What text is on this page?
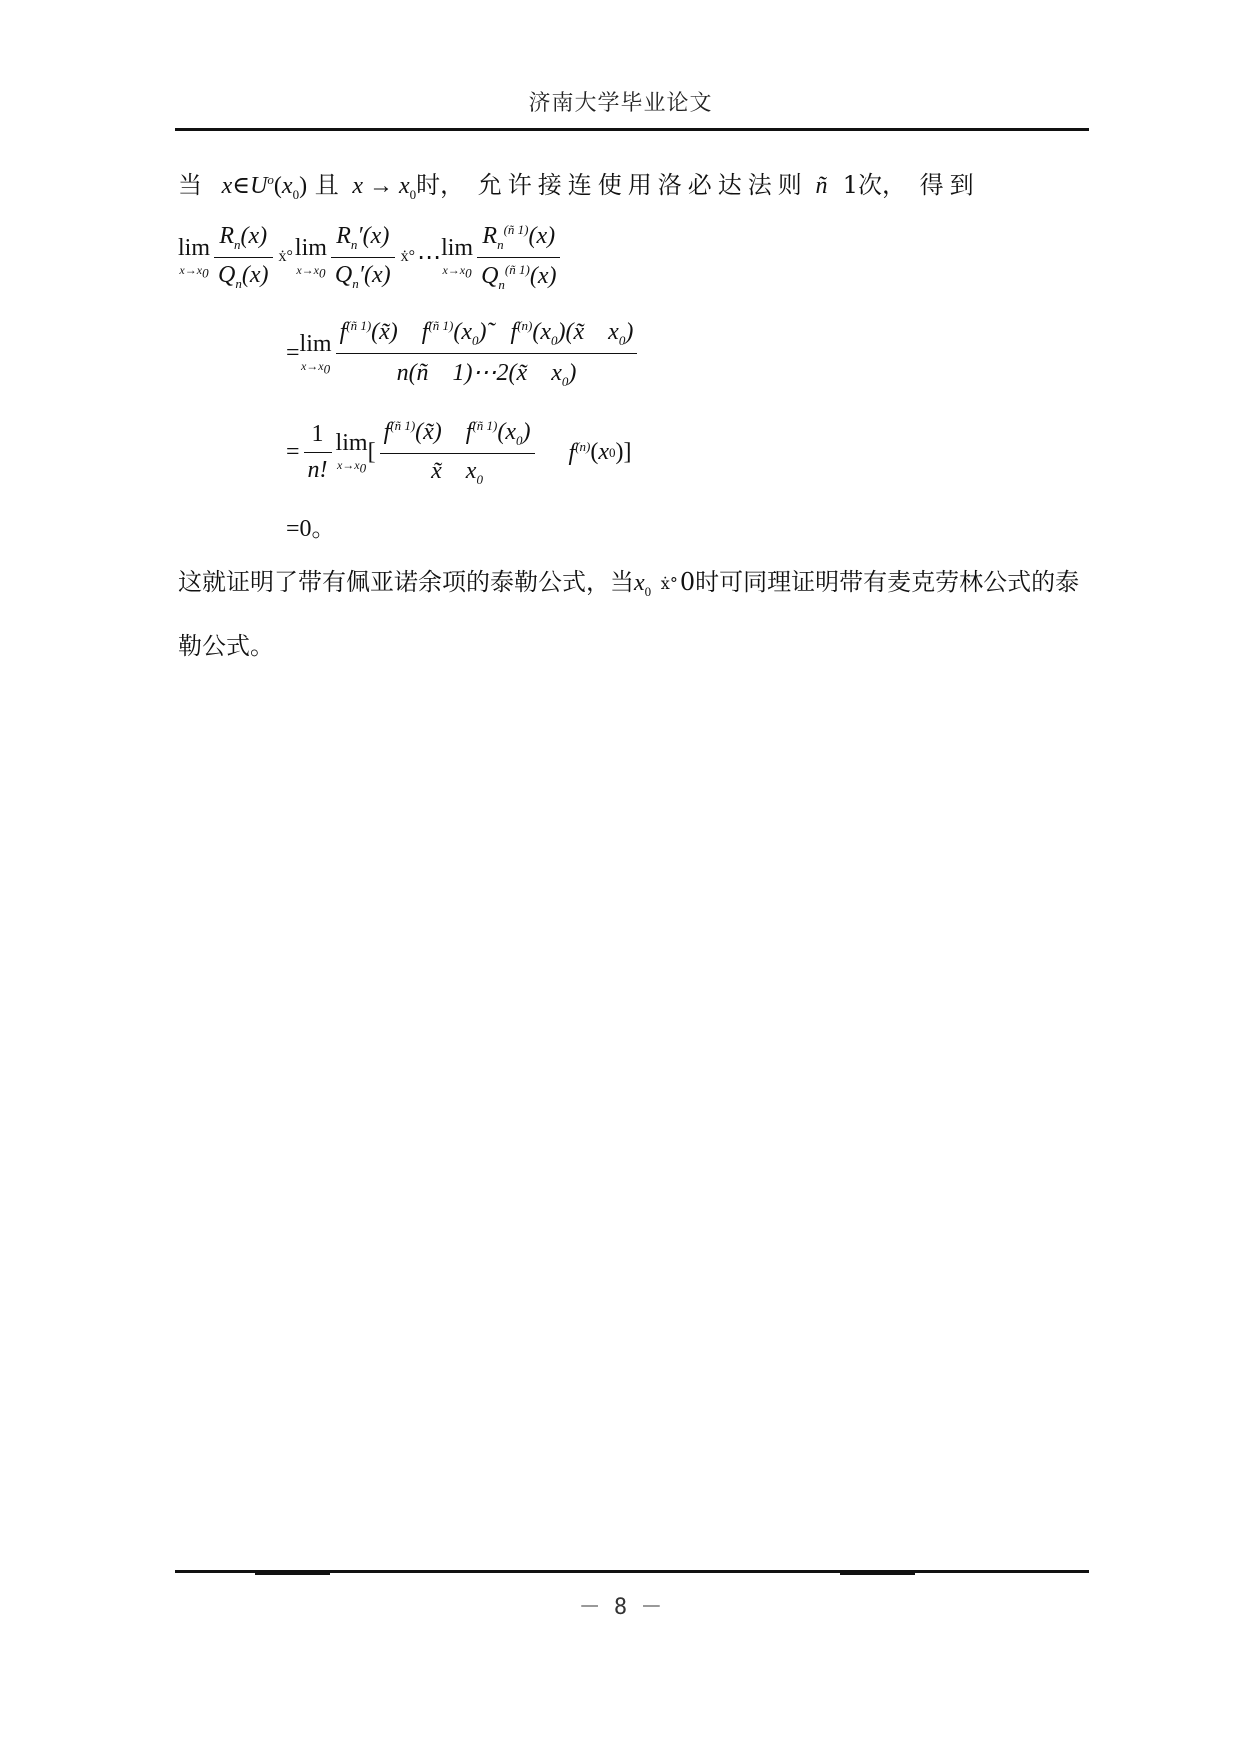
济南大学毕业论文
当   $x\in U^o(x_0)$ 且  $x \to x_0$时， 允许接连使用洛必达法则 ñ 1次， 得到
lim
$x\to x_0 \frac{R_n(x)}{Q_n(x)}$ ẋ° lim
$x\to x_0 \frac{R_n'(x)}{Q_n'(x)}$ ẋ° ⋯ lim
$x\to x_0 \frac{R_n^{(ñ 1)}(x)}{Q_n^{(ñ 1)}(x)}$
= lim
$x\to x_0 \frac{f^{(ñ 1)}(x̃) f^{(ñ 1)}(x_0)̃ f^{(n)}(x_0)(x̃ x_0)}{n(ñ 1)\cdots 2(x̃ x_0)}$
= $\frac{1}{n!}$ lim
$x\to x_0$
[ $\frac{f^{(ñ 1)}(x̃) f^{(ñ 1)}(x_0)}{x̃ x_0} f^{(n)}$ ( x 0 )]
=0。
这就证明了带有佩亚诺余项的泰勒公式，当$x_0$ ẋ°0时可同理证明带有麦克劳林公式的泰勒公式。
－ 8 －
